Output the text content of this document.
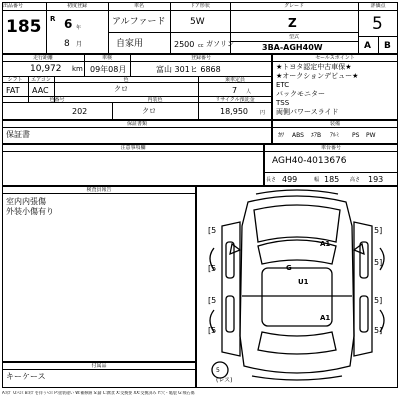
出品番号
185
初度登録
R 6 年
8 月
車名
アルファード
自家用
ドア形状
5W
2500 cc ガソリン
グレード
Z
型式
3BA-AGH40W
評価点
5
A B
走行距離
10,972 km
車検
09年08月
登録番号
富山 301ヒ 6868
シフト
FAT
エアコン
AAC
色
クロ
乗車定員
7 人
色番号
202
内装色
クロ
リサイクル預託金
18,950 円
セールスポイント
★トヨタ認定中古車保★
★オークションデビュー★
ETC
バックモニター
TSS
両側パワースライド
保証書類
保証書
装備
ｶﾜ ABS ｴｱB ｱﾙﾐ PS PW
注意事項欄	車台番号
AGH40-4013676
長さ 499	幅 185 高さ 193
検査員報告
室内内張傷
外装小傷有り
付属品
キーケース
[5
[5
[5
[5
5]
5]
5]
5]
A1
G
U1
A1
(レス)
5
A:ｷｽﾞ U:ﾍｺﾐ B:ｷｽﾞを伴うﾍｺﾐ P:塗装違い W:補修跡 S:錆 C:腐食 X:交換要 XX:交換済み Y:穴・亀裂 G:飛石傷
